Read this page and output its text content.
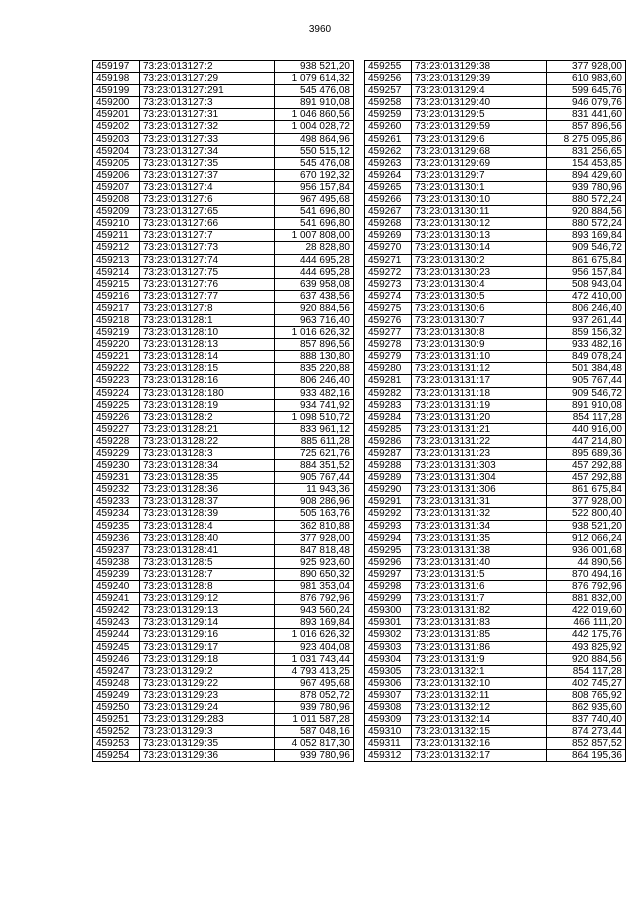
3960
459197	73:23:013127:2	938 521,20
459198	73:23:013127:29	1 079 614,32
459199	73:23:013127:291	545 476,08
459200	73:23:013127:3	891 910,08
459201	73:23:013127:31	1 046 860,56
459202	73:23:013127:32	1 004 028,72
459203	73:23:013127:33	498 864,96
459204	73:23:013127:34	550 515,12
459205	73:23:013127:35	545 476,08
459206	73:23:013127:37	670 192,32
459207	73:23:013127:4	956 157,84
459208	73:23:013127:6	967 495,68
459209	73:23:013127:65	541 696,80
459210	73:23:013127:66	541 696,80
459211	73:23:013127:7	1 007 808,00
459212	73:23:013127:73	28 828,80
459213	73:23:013127:74	444 695,28
459214	73:23:013127:75	444 695,28
459215	73:23:013127:76	639 958,08
459216	73:23:013127:77	637 438,56
459217	73:23:013127:8	920 884,56
459218	73:23:013128:1	963 716,40
459219	73:23:013128:10	1 016 626,32
459220	73:23:013128:13	857 896,56
459221	73:23:013128:14	888 130,80
459222	73:23:013128:15	835 220,88
459223	73:23:013128:16	806 246,40
459224	73:23:013128:180	933 482,16
459225	73:23:013128:19	934 741,92
459226	73:23:013128:2	1 098 510,72
459227	73:23:013128:21	833 961,12
459228	73:23:013128:22	885 611,28
459229	73:23:013128:3	725 621,76
459230	73:23:013128:34	884 351,52
459231	73:23:013128:35	905 767,44
459232	73:23:013128:36	11 943,36
459233	73:23:013128:37	908 286,96
459234	73:23:013128:39	505 163,76
459235	73:23:013128:4	362 810,88
459236	73:23:013128:40	377 928,00
459237	73:23:013128:41	847 818,48
459238	73:23:013128:5	925 923,60
459239	73:23:013128:7	890 650,32
459240	73:23:013128:8	981 353,04
459241	73:23:013129:12	876 792,96
459242	73:23:013129:13	943 560,24
459243	73:23:013129:14	893 169,84
459244	73:23:013129:16	1 016 626,32
459245	73:23:013129:17	923 404,08
459246	73:23:013129:18	1 031 743,44
459247	73:23:013129:2	4 793 413,25
459248	73:23:013129:22	967 495,68
459249	73:23:013129:23	878 052,72
459250	73:23:013129:24	939 780,96
459251	73:23:013129:283	1 011 587,28
459252	73:23:013129:3	587 048,16
459253	73:23:013129:35	4 052 817,30
459254	73:23:013129:36	939 780,96
459255	73:23:013129:38	377 928,00
459256	73:23:013129:39	610 983,60
459257	73:23:013129:4	599 645,76
459258	73:23:013129:40	946 079,76
459259	73:23:013129:5	831 441,60
459260	73:23:013129:59	857 896,56
459261	73:23:013129:6	8 275 095,86
459262	73:23:013129:68	831 256,65
459263	73:23:013129:69	154 453,85
459264	73:23:013129:7	894 429,60
459265	73:23:013130:1	939 780,96
459266	73:23:013130:10	880 572,24
459267	73:23:013130:11	920 884,56
459268	73:23:013130:12	880 572,24
459269	73:23:013130:13	893 169,84
459270	73:23:013130:14	909 546,72
459271	73:23:013130:2	861 675,84
459272	73:23:013130:23	956 157,84
459273	73:23:013130:4	508 943,04
459274	73:23:013130:5	472 410,00
459275	73:23:013130:6	806 246,40
459276	73:23:013130:7	937 261,44
459277	73:23:013130:8	859 156,32
459278	73:23:013130:9	933 482,16
459279	73:23:013131:10	849 078,24
459280	73:23:013131:12	501 384,48
459281	73:23:013131:17	905 767,44
459282	73:23:013131:18	909 546,72
459283	73:23:013131:19	891 910,08
459284	73:23:013131:20	854 117,28
459285	73:23:013131:21	440 916,00
459286	73:23:013131:22	447 214,80
459287	73:23:013131:23	895 689,36
459288	73:23:013131:303	457 292,88
459289	73:23:013131:304	457 292,88
459290	73:23:013131:306	861 675,84
459291	73:23:013131:31	377 928,00
459292	73:23:013131:32	522 800,40
459293	73:23:013131:34	938 521,20
459294	73:23:013131:35	912 066,24
459295	73:23:013131:38	936 001,68
459296	73:23:013131:40	44 890,56
459297	73:23:013131:5	870 494,16
459298	73:23:013131:6	876 792,96
459299	73:23:013131:7	881 832,00
459300	73:23:013131:82	422 019,60
459301	73:23:013131:83	466 111,20
459302	73:23:013131:85	442 175,76
459303	73:23:013131:86	493 825,92
459304	73:23:013131:9	920 884,56
459305	73:23:013132:1	854 117,28
459306	73:23:013132:10	402 745,27
459307	73:23:013132:11	808 765,92
459308	73:23:013132:12	862 935,60
459309	73:23:013132:14	837 740,40
459310	73:23:013132:15	874 273,44
459311	73:23:013132:16	852 857,52
459312	73:23:013132:17	864 195,36
